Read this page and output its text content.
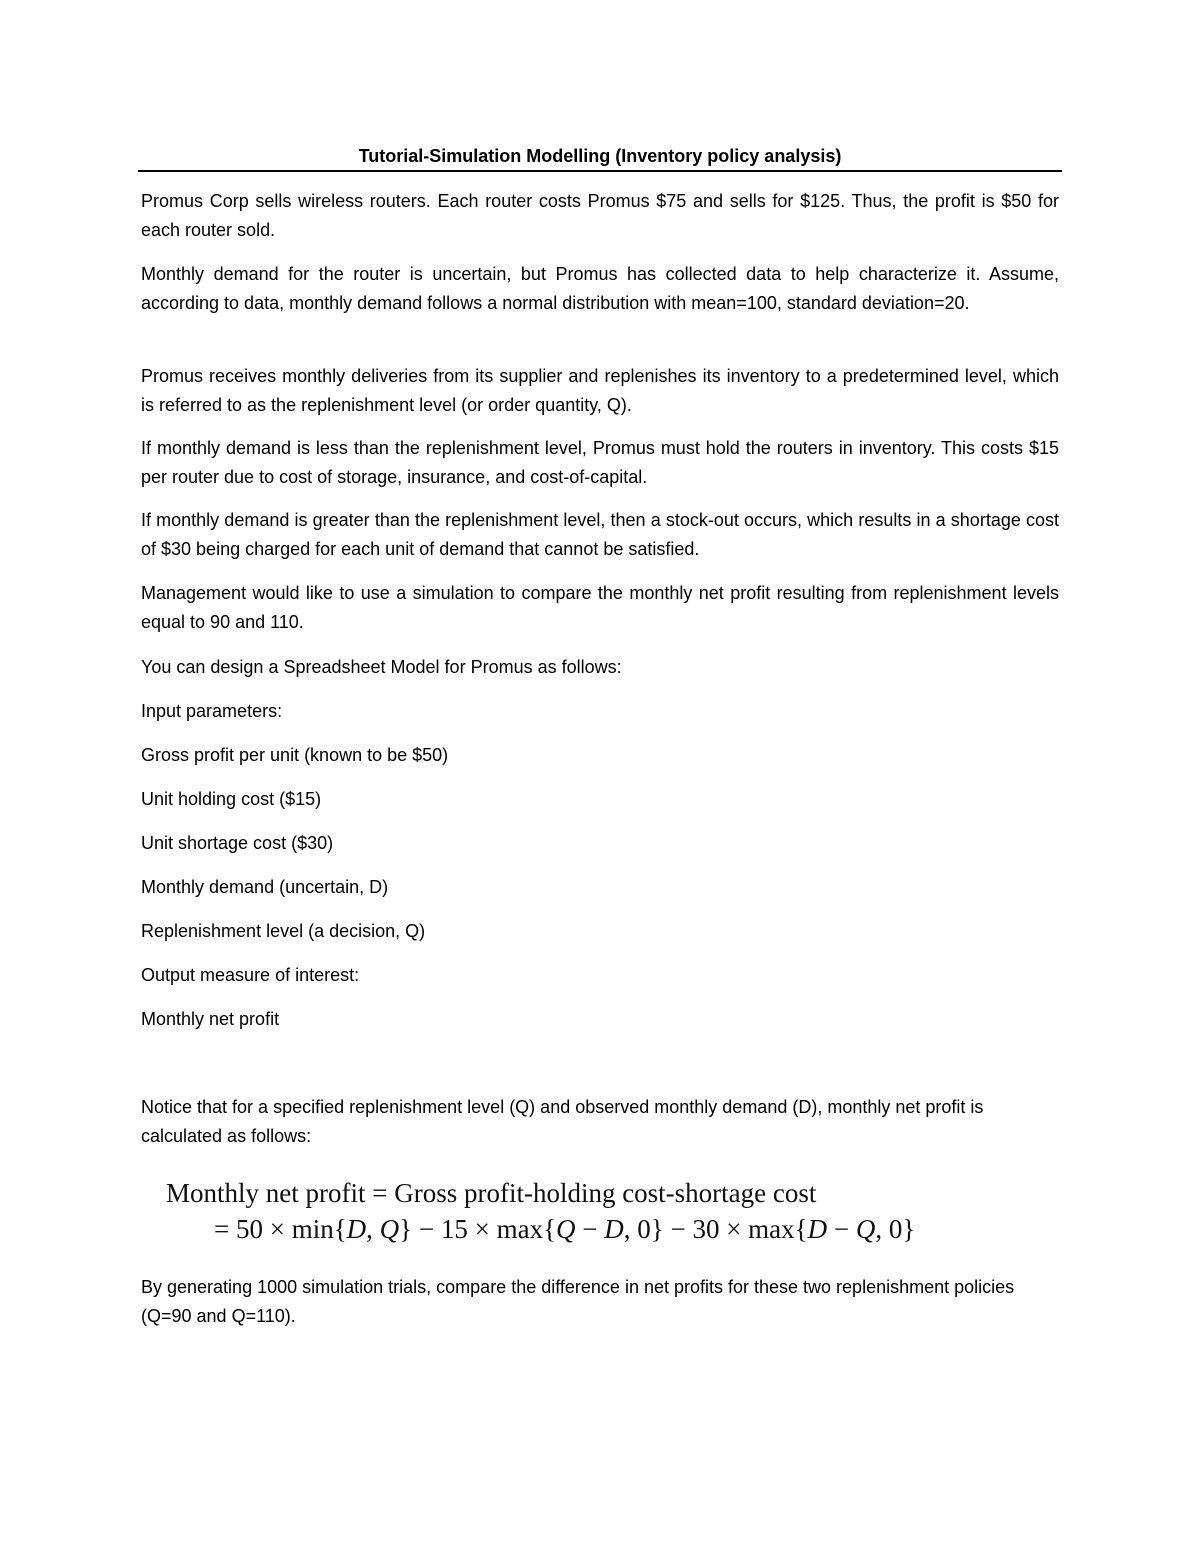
Tutorial-Simulation Modelling (Inventory policy analysis)

Promus Corp sells wireless routers. Each router costs Promus $75 and sells for $125. Thus, the profit is $50 for each router sold.

Monthly demand for the router is uncertain, but Promus has collected data to help characterize it. Assume, according to data, monthly demand follows a normal distribution with mean=100, standard deviation=20.

Promus receives monthly deliveries from its supplier and replenishes its inventory to a predetermined level, which is referred to as the replenishment level (or order quantity, Q).

If monthly demand is less than the replenishment level, Promus must hold the routers in inventory. This costs $15 per router due to cost of storage, insurance, and cost-of-capital.

If monthly demand is greater than the replenishment level, then a stock-out occurs, which results in a shortage cost of $30 being charged for each unit of demand that cannot be satisfied.

Management would like to use a simulation to compare the monthly net profit resulting from replenishment levels equal to 90 and 110.

You can design a Spreadsheet Model for Promus as follows:

Input parameters:

Gross profit per unit (known to be $50)

Unit holding cost ($15)

Unit shortage cost ($30)

Monthly demand (uncertain, D)

Replenishment level (a decision, Q)

Output measure of interest:

Monthly net profit

Notice that for a specified replenishment level (Q) and observed monthly demand (D), monthly net profit is calculated as follows:

Monthly net profit = Gross profit-holding cost-shortage cost
= 50 × min{D, Q} − 15 × max{Q − D, 0} − 30 × max{D − Q, 0}

By generating 1000 simulation trials, compare the difference in net profits for these two replenishment policies (Q=90 and Q=110).
